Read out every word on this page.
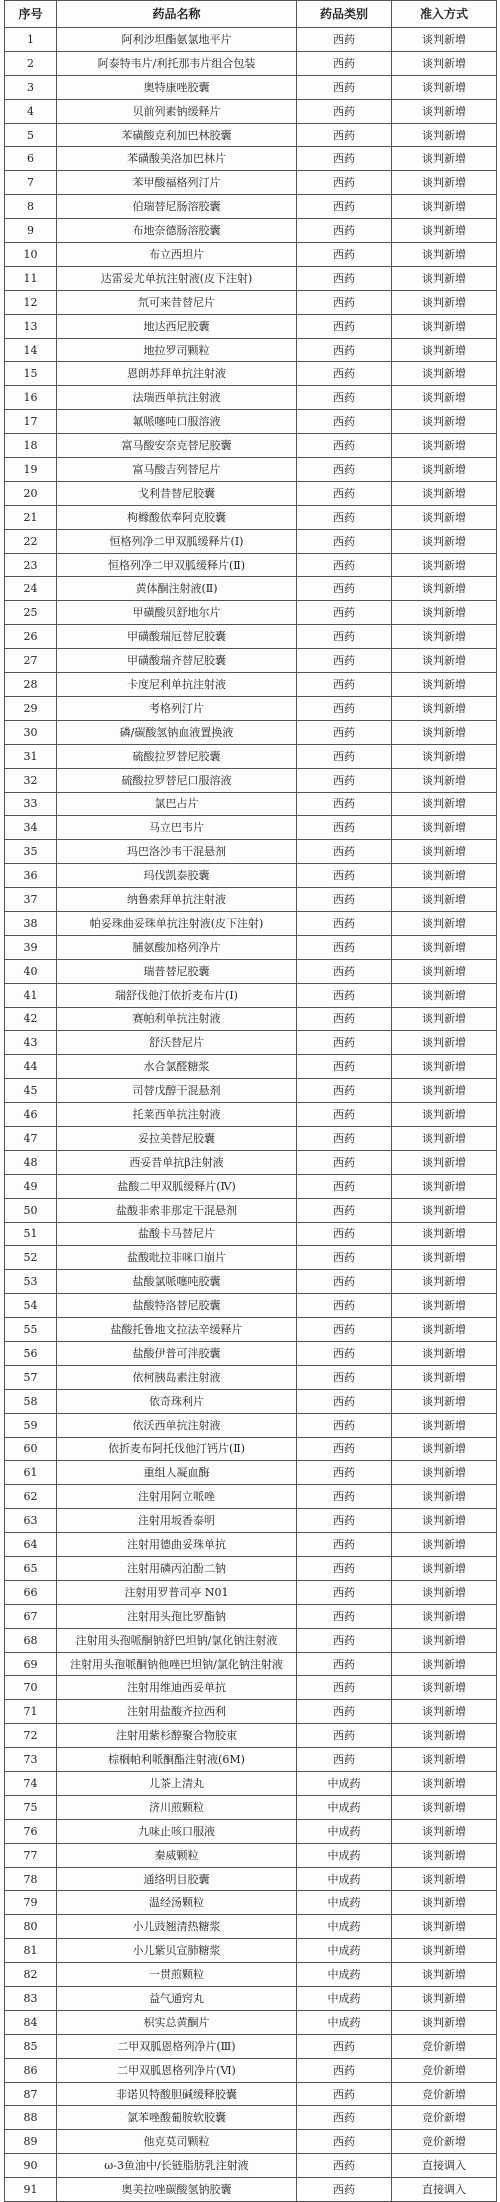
序号	药品名称	药品类别	准入方式
1	阿利沙坦酯氨氯地平片	西药	谈判新增
2	阿泰特韦片/利托那韦片组合包装	西药	谈判新增
3	奥特康唑胶囊	西药	谈判新增
4	贝前列素钠缓释片	西药	谈判新增
5	苯磺酸克利加巴林胶囊	西药	谈判新增
6	苯磺酸美洛加巴林片	西药	谈判新增
7	苯甲酸福格列汀片	西药	谈判新增
8	伯瑞替尼肠溶胶囊	西药	谈判新增
9	布地奈德肠溶胶囊	西药	谈判新增
10	布立西坦片	西药	谈判新增
11	达雷妥尤单抗注射液(皮下注射)	西药	谈判新增
12	氘可来昔替尼片	西药	谈判新增
13	地达西尼胶囊	西药	谈判新增
14	地拉罗司颗粒	西药	谈判新增
15	恩朗苏拜单抗注射液	西药	谈判新增
16	法瑞西单抗注射液	西药	谈判新增
17	氟哌噻吨口服溶液	西药	谈判新增
18	富马酸安奈克替尼胶囊	西药	谈判新增
19	富马酸吉列替尼片	西药	谈判新增
20	戈利昔替尼胶囊	西药	谈判新增
21	枸橼酸依奉阿克胶囊	西药	谈判新增
22	恒格列净二甲双胍缓释片(Ⅰ)	西药	谈判新增
23	恒格列净二甲双胍缓释片(Ⅱ)	西药	谈判新增
24	黄体酮注射液(Ⅱ)	西药	谈判新增
25	甲磺酸贝舒地尔片	西药	谈判新增
26	甲磺酸瑞厄替尼胶囊	西药	谈判新增
27	甲磺酸瑞齐替尼胶囊	西药	谈判新增
28	卡度尼利单抗注射液	西药	谈判新增
29	考格列汀片	西药	谈判新增
30	磷/碳酸氢钠血液置换液	西药	谈判新增
31	硫酸拉罗替尼胶囊	西药	谈判新增
32	硫酸拉罗替尼口服溶液	西药	谈判新增
33	氯巴占片	西药	谈判新增
34	马立巴韦片	西药	谈判新增
35	玛巴洛沙韦干混悬剂	西药	谈判新增
36	玛伐凯泰胶囊	西药	谈判新增
37	纳鲁索拜单抗注射液	西药	谈判新增
38	帕妥珠曲妥珠单抗注射液(皮下注射)	西药	谈判新增
39	脯氨酸加格列净片	西药	谈判新增
40	瑞普替尼胶囊	西药	谈判新增
41	瑞舒伐他汀依折麦布片(Ⅰ)	西药	谈判新增
42	赛帕利单抗注射液	西药	谈判新增
43	舒沃替尼片	西药	谈判新增
44	水合氯醛糖浆	西药	谈判新增
45	司替戊醇干混悬剂	西药	谈判新增
46	托莱西单抗注射液	西药	谈判新增
47	妥拉美替尼胶囊	西药	谈判新增
48	西妥昔单抗β注射液	西药	谈判新增
49	盐酸二甲双胍缓释片(Ⅳ)	西药	谈判新增
50	盐酸非索非那定干混悬剂	西药	谈判新增
51	盐酸卡马替尼片	西药	谈判新增
52	盐酸吡拉非咪口崩片	西药	谈判新增
53	盐酸氯哌噻吨胶囊	西药	谈判新增
54	盐酸特洛替尼胶囊	西药	谈判新增
55	盐酸托鲁地文拉法辛缓释片	西药	谈判新增
56	盐酸伊普可泮胶囊	西药	谈判新增
57	依柯胰岛素注射液	西药	谈判新增
58	依奇珠利片	西药	谈判新增
59	依沃西单抗注射液	西药	谈判新增
60	依折麦布阿托伐他汀钙片(Ⅱ)	西药	谈判新增
61	重组人凝血酶	西药	谈判新增
62	注射用阿立哌唑	西药	谈判新增
63	注射用坂香泰明	西药	谈判新增
64	注射用德曲妥珠单抗	西药	谈判新增
65	注射用磷丙泊酚二钠	西药	谈判新增
66	注射用罗普司亭 N01	西药	谈判新增
67	注射用头孢比罗酯钠	西药	谈判新增
68	注射用头孢哌酮钠舒巴坦钠/氯化钠注射液	西药	谈判新增
69	注射用头孢哌酮钠他唑巴坦钠/氯化钠注射液	西药	谈判新增
70	注射用维迪西妥单抗	西药	谈判新增
71	注射用盐酸齐拉西利	西药	谈判新增
72	注射用紫杉醇聚合物胶束	西药	谈判新增
73	棕榈帕利哌酮酯注射液(6M)	西药	谈判新增
74	儿茶上清丸	中成药	谈判新增
75	济川煎颗粒	中成药	谈判新增
76	九味止咳口服液	中成药	谈判新增
77	秦威颗粒	中成药	谈判新增
78	通络明目胶囊	中成药	谈判新增
79	温经汤颗粒	中成药	谈判新增
80	小儿豉翘清热糖浆	中成药	谈判新增
81	小儿紫贝宣肺糖浆	中成药	谈判新增
82	一贯煎颗粒	中成药	谈判新增
83	益气通窍丸	中成药	谈判新增
84	枳实总黄酮片	中成药	谈判新增
85	二甲双胍恩格列净片(Ⅲ)	西药	竞价新增
86	二甲双胍恩格列净片(Ⅵ)	西药	竞价新增
87	非诺贝特酸胆碱缓释胶囊	西药	竞价新增
88	氯苯唑酸葡胺软胶囊	西药	竞价新增
89	他克莫司颗粒	西药	竞价新增
90	ω-3鱼油中/长链脂肪乳注射液	西药	直接调入
91	奥美拉唑碳酸氢钠胶囊	西药	直接调入
